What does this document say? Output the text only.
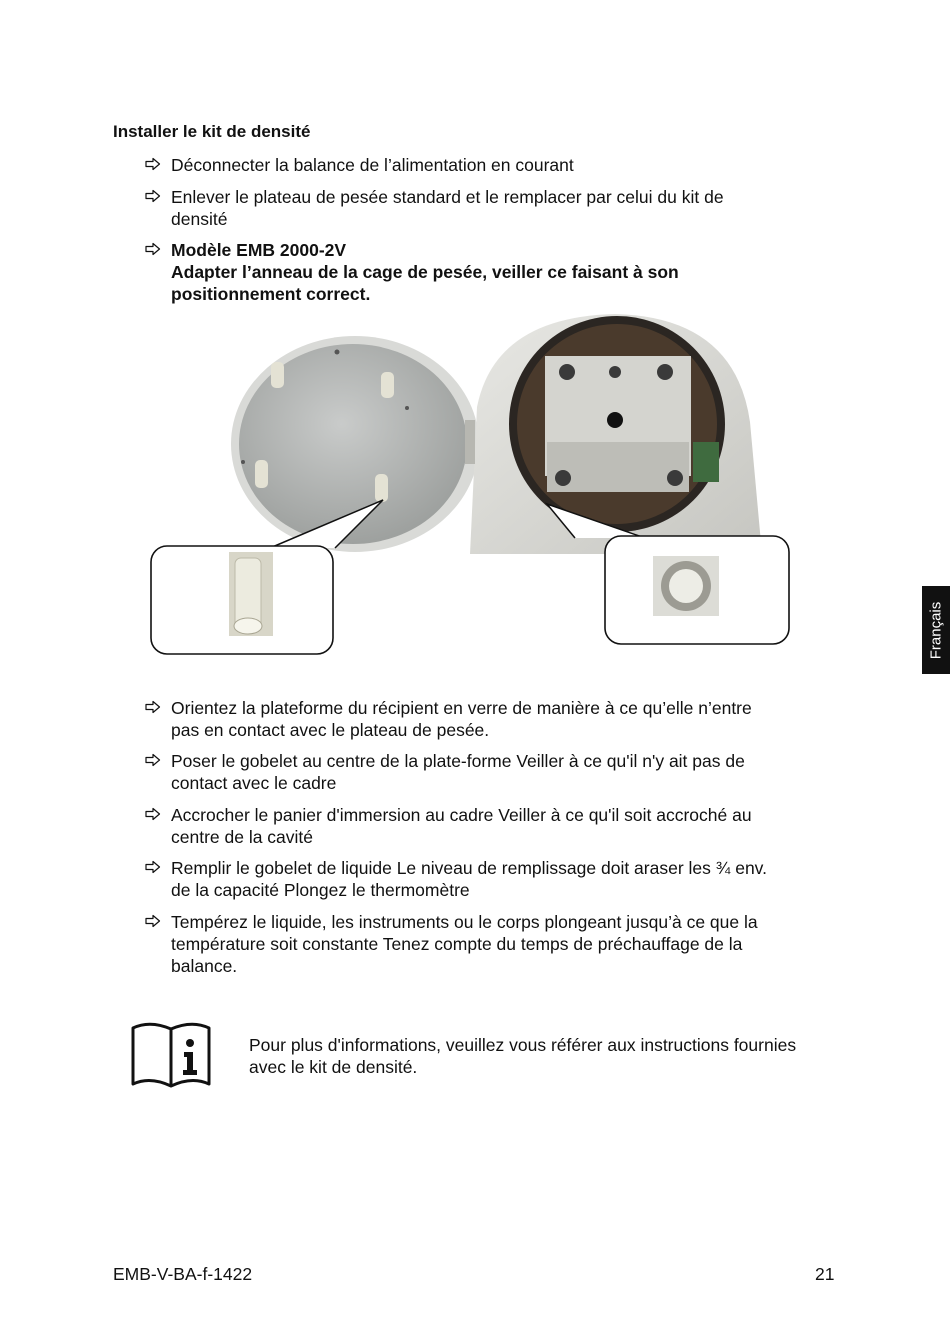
Installer le kit de densité
Déconnecter la balance de l’alimentation en courant
Enlever le plateau de pesée standard et le remplacer par celui du kit de
densité
Modèle EMB 2000-2V
Adapter l’anneau de la cage de pesée, veiller ce faisant à son
positionnement correct.
Orientez la plateforme du récipient en verre de manière à ce qu’elle n’entre
pas en contact avec le plateau de pesée.
Poser le gobelet au centre de la plate-forme Veiller à ce qu'il n'y ait pas de
contact avec le cadre
Accrocher le panier d'immersion au cadre Veiller à ce qu'il soit accroché au
centre de la cavité
Remplir le gobelet de liquide Le niveau de remplissage doit araser les ¾ env.
de la capacité Plongez le thermomètre
Tempérez le liquide, les instruments ou le corps plongeant jusqu’à ce que la
température soit constante Tenez compte du temps de préchauffage de la
balance.
Pour plus d'informations, veuillez vous référer aux instructions fournies
avec le kit de densité.
Français
EMB-V-BA-f-1422	21
